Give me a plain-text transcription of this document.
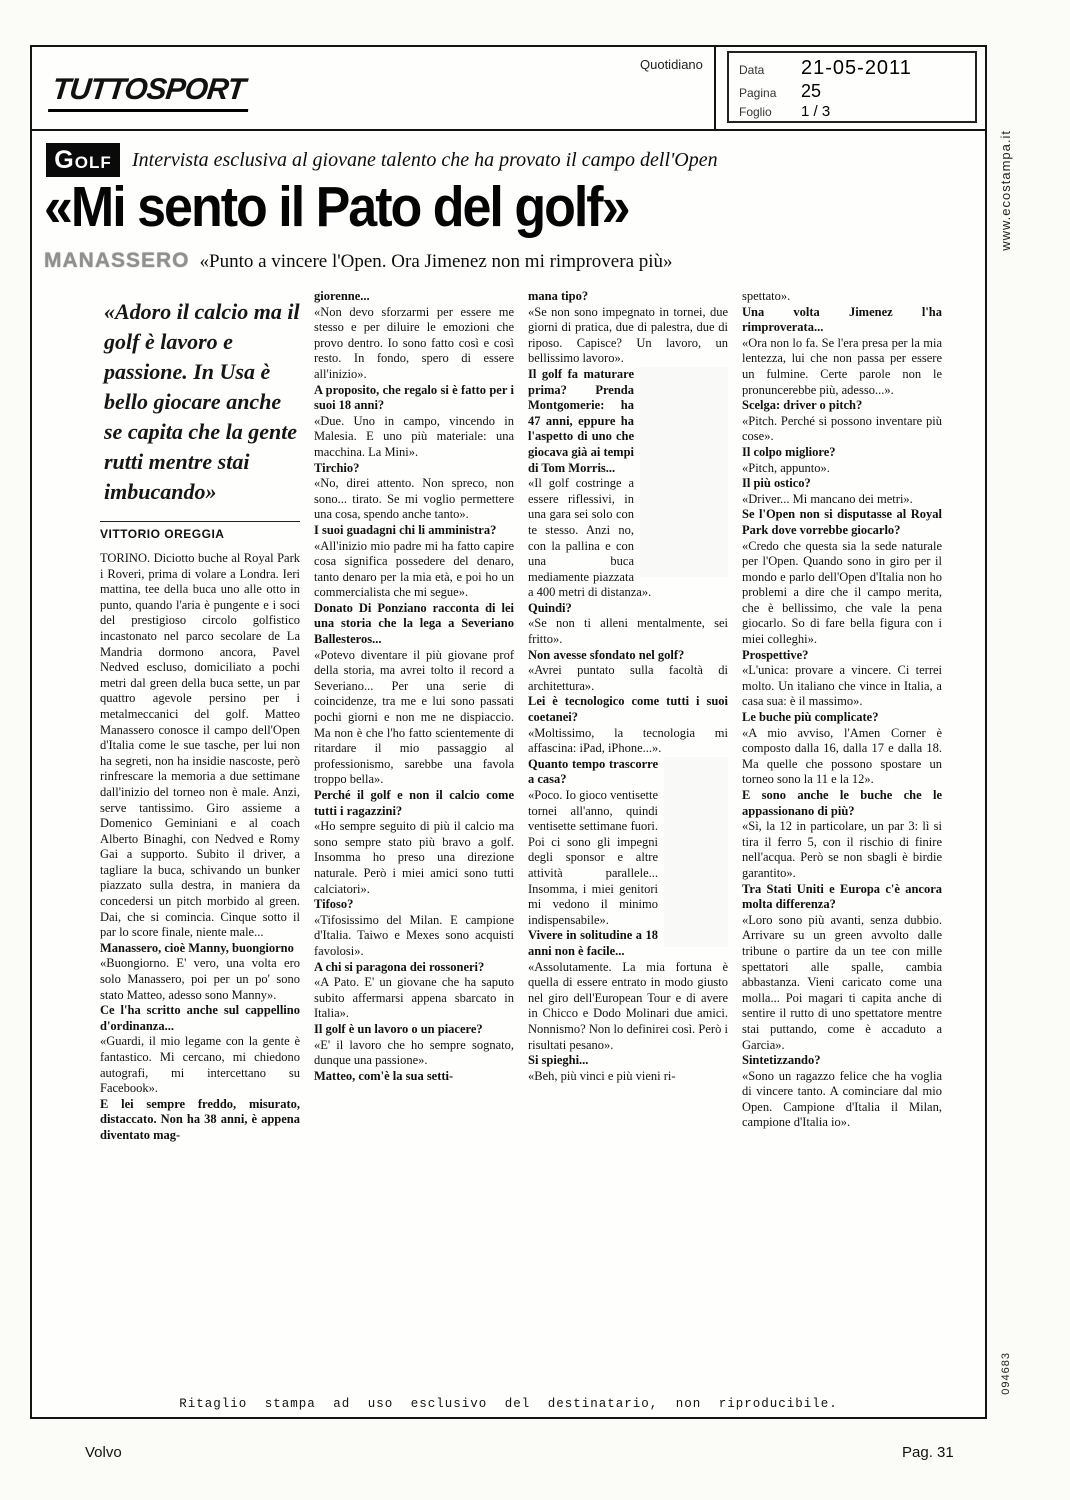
www.ecostampa.it
094683
TUTTOSPORT
Quotidiano	Data	21-05-2011
Pagina	25
Foglio	1 / 3
GOLF	Intervista esclusiva al giovane talento che ha provato il campo dell'Open
«Mi sento il Pato del golf»
MANASSERO «Punto a vincere l'Open. Ora Jimenez non mi rimprovera più»
«Adoro il calcio ma il golf è lavoro e passione. In Usa è bello giocare anche se capita che la gente rutti mentre stai imbucando»
VITTORIO OREGGIA

TORINO. Diciotto buche al Royal Park i Roveri, prima di volare a Londra. Ieri mattina, tee della buca uno alle otto in punto, quando l'aria è pungente e i soci del prestigioso circolo golfistico incastonato nel parco secolare de La Mandria dormono ancora, Pavel Nedved escluso, domiciliato a pochi metri dal green della buca sette, un par quattro agevole persino per i metalmeccanici del golf. Matteo Manassero conosce il campo dell'Open d'Italia come le sue tasche, per lui non ha segreti, non ha insidie nascoste, però rinfrescare la memoria a due settimane dall'inizio del torneo non è male. Anzi, serve tantissimo. Giro assieme a Domenico Geminiani e al coach Alberto Binaghi, con Nedved e Romy Gai a supporto. Subito il driver, a tagliare la buca, schivando un bunker piazzato sulla destra, in maniera da concedersi un pitch morbido al green. Dai, che si comincia. Cinque sotto il par lo score finale, niente male...

Manassero, cioè Manny, buongiorno

«Buongiorno. E' vero, una volta ero solo Manassero, poi per un po' sono stato Matteo, adesso sono Manny».

Ce l'ha scritto anche sul cappellino d'ordinanza...

«Guardi, il mio legame con la gente è fantastico. Mi cercano, mi chiedono autografi, mi intercettano su Facebook».

E lei sempre freddo, misurato, distaccato. Non ha 38 anni, è appena diventato mag-

giorenne...

«Non devo sforzarmi per essere me stesso e per diluire le emozioni che provo dentro. Io sono fatto così e così resto. In fondo, spero di essere all'inizio».

A proposito, che regalo si è fatto per i suoi 18 anni?

«Due. Uno in campo, vincendo in Malesia. E uno più materiale: una macchina. La Mini».

Tirchio?

«No, direi attento. Non spreco, non sono... tirato. Se mi voglio permettere una cosa, spendo anche tanto».

I suoi guadagni chi li amministra?

«All'inizio mio padre mi ha fatto capire cosa significa possedere del denaro, tanto denaro per la mia età, e poi ho un commercialista che mi segue».

Donato Di Ponziano racconta di lei una storia che la lega a Severiano Ballesteros...

«Potevo diventare il più giovane prof della storia, ma avrei tolto il record a Severiano... Per una serie di coincidenze, tra me e lui sono passati pochi giorni e non me ne dispiaccio. Ma non è che l'ho fatto scientemente di ritardare il mio passaggio al professionismo, sarebbe una favola troppo bella».

Perché il golf e non il calcio come tutti i ragazzini?

«Ho sempre seguito di più il calcio ma sono sempre stato più bravo a golf. Insomma ho preso una direzione naturale. Però i miei amici sono tutti calciatori».

Tifoso?

«Tifosissimo del Milan. E campione d'Italia. Taiwo e Mexes sono acquisti favolosi».

A chi si paragona dei rossoneri?

«A Pato. E' un giovane che ha saputo subito affermarsi appena sbarcato in Italia».

Il golf è un lavoro o un piacere?

«E' il lavoro che ho sempre sognato, dunque una passione».

Matteo, com'è la sua setti-

mana tipo?

«Se non sono impegnato in tornei, due giorni di pratica, due di palestra, due di riposo. Capisce? Un lavoro, un bellissimo lavoro».

Il golf fa maturare prima? Prenda Montgomerie: ha 47 anni, eppure ha l'aspetto di uno che giocava già ai tempi di Tom Morris...

«Il golf costringe a essere riflessivi, in una gara sei solo con te stesso. Anzi no, con la pallina e con una buca mediamente piazzata a 400 metri di distanza».

Quindi?

«Se non ti alleni mentalmente, sei fritto».

Non avesse sfondato nel golf?

«Avrei puntato sulla facoltà di architettura».

Lei è tecnologico come tutti i suoi coetanei?

«Moltissimo, la tecnologia mi affascina: iPad, iPhone...».

Quanto tempo trascorre a casa?

«Poco. Io gioco ventisette tornei all'anno, quindi ventisette settimane fuori. Poi ci sono gli impegni degli sponsor e altre attività parallele... Insomma, i miei genitori mi vedono il minimo indispensabile».

Vivere in solitudine a 18 anni non è facile...

«Assolutamente. La mia fortuna è quella di essere entrato in modo giusto nel giro dell'European Tour e di avere in Chicco e Dodo Molinari due amici. Nonnismo? Non lo definirei così. Però i risultati pesano».

Si spieghi...

«Beh, più vinci e più vieni ri-

spettato».

Una volta Jimenez l'ha rimproverata...

«Ora non lo fa. Se l'era presa per la mia lentezza, lui che non passa per essere un fulmine. Certe parole non le pronuncerebbe più, adesso...».

Scelga: driver o pitch?

«Pitch. Perché si possono inventare più cose».

Il colpo migliore?

«Pitch, appunto».

Il più ostico?

«Driver... Mi mancano dei metri».

Se l'Open non si disputasse al Royal Park dove vorrebbe giocarlo?

«Credo che questa sia la sede naturale per l'Open. Quando sono in giro per il mondo e parlo dell'Open d'Italia non ho problemi a dire che il campo merita, che è bellissimo, che vale la pena giocarlo. So di fare bella figura con i miei colleghi».

Prospettive?

«L'unica: provare a vincere. Ci terrei molto. Un italiano che vince in Italia, a casa sua: è il massimo».

Le buche più complicate?

«A mio avviso, l'Amen Corner è composto dalla 16, dalla 17 e dalla 18. Ma quelle che possono spostare un torneo sono la 11 e la 12».

E sono anche le buche che le appassionano di più?

«Sì, la 12 in particolare, un par 3: lì si tira il ferro 5, con il rischio di finire nell'acqua. Però se non sbagli è birdie garantito».

Tra Stati Uniti e Europa c'è ancora molta differenza?

«Loro sono più avanti, senza dubbio. Arrivare su un green avvolto dalle tribune o partire da un tee con mille spettatori alle spalle, cambia abbastanza. Vieni caricato come una molla... Poi magari ti capita anche di sentire il rutto di uno spettatore mentre stai puttando, come è accaduto a Garcia».

Sintetizzando?

«Sono un ragazzo felice che ha voglia di vincere tanto. A cominciare dal mio Open. Campione d'Italia il Milan, campione d'Italia io».

Ritaglio stampa ad uso esclusivo del destinatario, non riproducibile.
Volvo	Pag. 31
